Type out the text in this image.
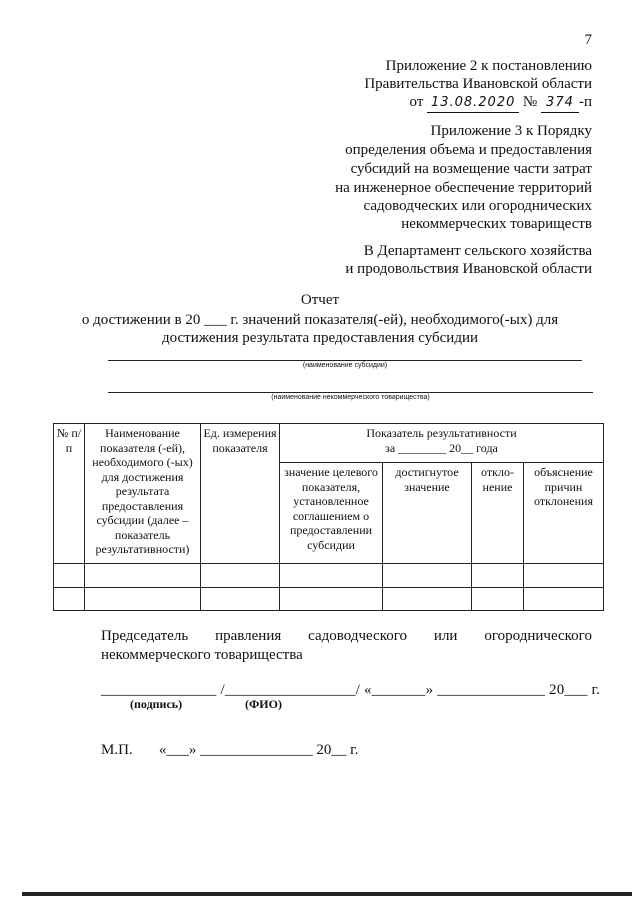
7
Приложение 2 к постановлению
Правительства Ивановской области
от 13.08.2020 № 374 -п
Приложение 3 к Порядку
определения объема и предоставления
субсидий на возмещение части затрат
на инженерное обеспечение территорий
садоводческих или огороднических
некоммерческих товариществ
В Департамент сельского хозяйства
и продовольствия Ивановской области
Отчет
о достижении в 20 ___ г. значений показателя(-ей), необходимого(-ых) для
достижения результата предоставления субсидии
(наименование субсидии)
(наименование некоммерческого товарищества)
№ п/п	Наименование показателя (-ей), необходимого (-ых) для достижения результата предоставления субсидии (далее – показатель результативности)	Ед. измерения показателя	Показатель результативности
за ________ 20__ года			

			значение целевого показателя, установленное соглашением о предоставлении субсидии	достигнутое значение	откло-нение	объяснение причин отклонения

Председатель правления садоводческого или огороднического
некоммерческого товарищества
_______________ /_________________/ «_______» ______________ 20___ г.
(подпись)	(ФИО)
М.П.       «___» _______________ 20__ г.
